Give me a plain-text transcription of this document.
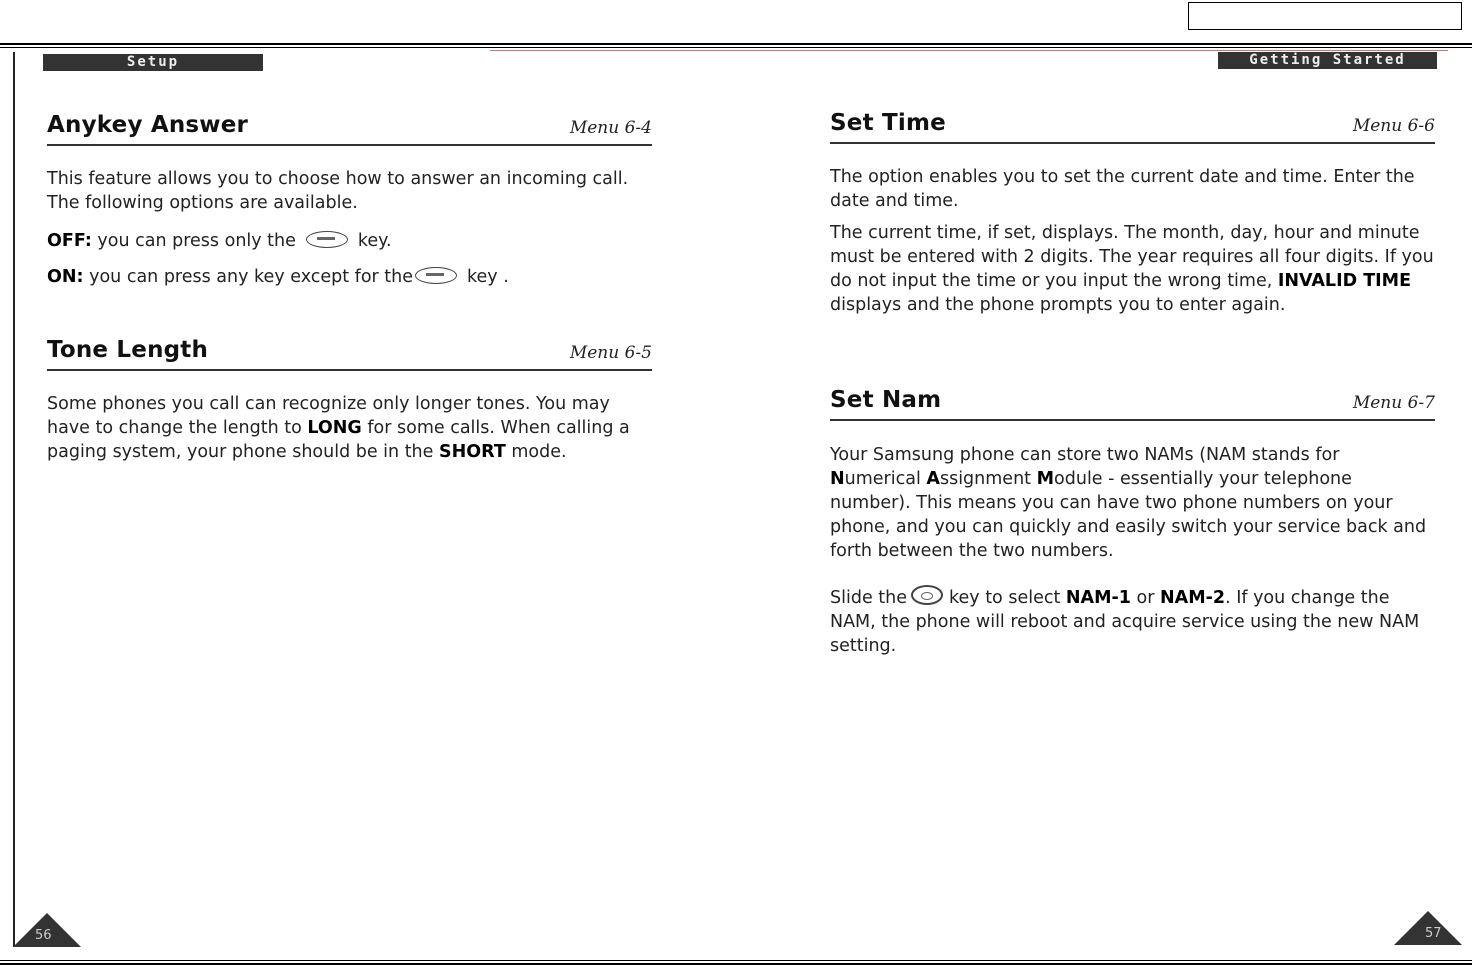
Setup	Getting Started
Anykey Answer	Menu 6-4

This feature allows you to choose how to answer an incoming call. The following options are available.

OFF: you can press only the	key.

ON: you can press any key except for the	key .

Tone Length	Menu 6-5

Some phones you call can recognize only longer tones. You may have to change the length to LONG for some calls. When calling a paging system, your phone should be in the SHORT mode.

Set Time	Menu 6-6

The option enables you to set the current date and time. Enter the date and time.

The current time, if set, displays. The month, day, hour and minute must be entered with 2 digits. The year requires all four digits. If you do not input the time or you input the wrong time, INVALID TIME displays and the phone prompts you to enter again.

Set Nam	Menu 6-7

Your Samsung phone can store two NAMs (NAM stands for Numerical Assignment Module - essentially your telephone number). This means you can have two phone numbers on your phone, and you can quickly and easily switch your service back and forth between the two numbers.

Slide the key to select NAM-1 or NAM-2. If you change the NAM, the phone will reboot and acquire service using the new NAM setting.

56	57
